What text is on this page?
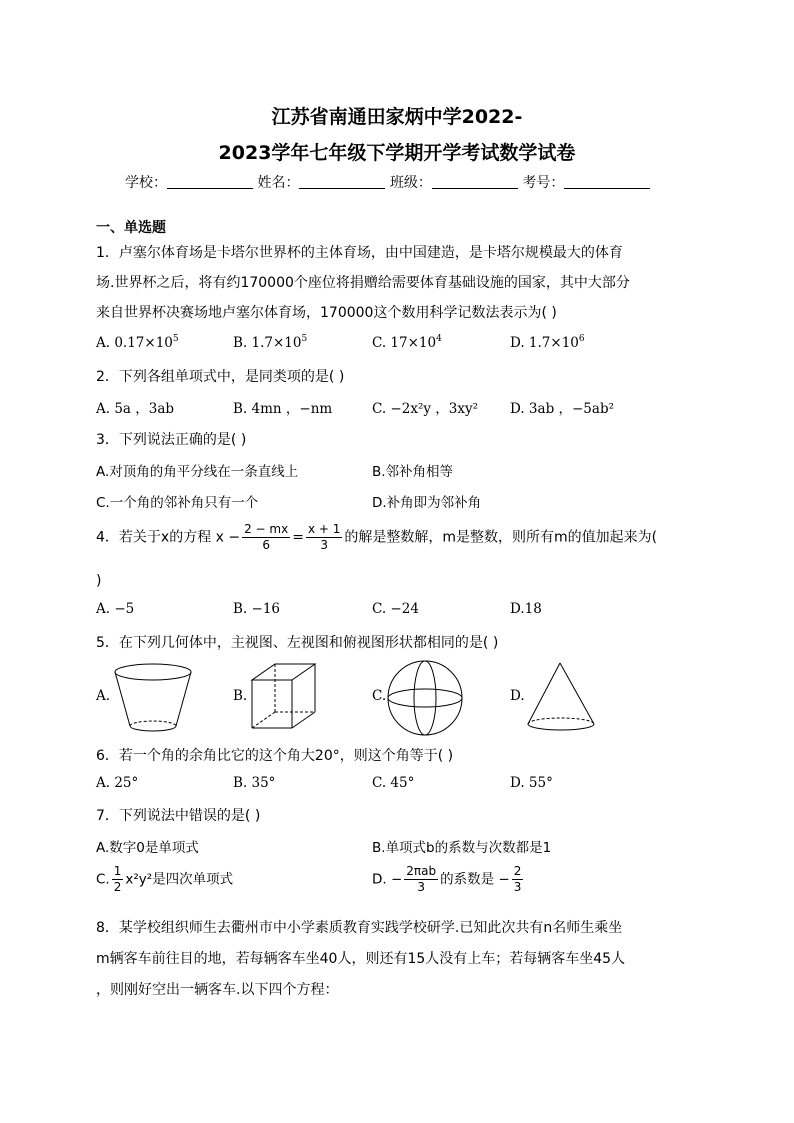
江苏省南通田家炳中学2022-
2023学年七年级下学期开学考试数学试卷
学校：	姓名：	班级：	考号：
一、单选题
1．卢塞尔体育场是卡塔尔世界杯的主体育场，由中国建造，是卡塔尔规模最大的体育
场.世界杯之后，将有约170000个座位将捐赠给需要体育基础设施的国家，其中大部分
来自世界杯决赛场地卢塞尔体育场，170000这个数用科学记数法表示为( )
A. $0.17\times 10^5$	B. $1.7\times 10^5$	C. $17\times 10^4$	D. $1.7\times 10^6$
2．下列各组单项式中，是同类项的是( )
A. 5a ，3ab	B. 4mn ，−nm	C. −2x²y ，3xy² D. 3ab ，−5ab²
3．下列说法正确的是( )
A.对顶角的角平分线在一条直线上	B.邻补角相等
C.一个角的邻补角只有一个	D.补角即为邻补角
4．若关于x的方程 $x - \frac{2 - mx}{6} = \frac{x + 1}{3}$ 的解是整数解，m是整数，则所有m的值加起来为(
)
A. −5	B. −16	C. −24	D.18
5．在下列几何体中，主视图、左视图和俯视图形状都相同的是( )
A.	B.	C.	D.
6．若一个角的余角比它的这个角大20°，则这个角等于( )
A. 25°	B. 35°	C. 45°	D. 55°
7．下列说法中错误的是( )
A.数字0是单项式	B.单项式b的系数与次数都是1
C. $\frac{1}{2} x^2y^2$是四次单项式	D. − $\frac{\text{2πab}}{3}$ 的系数是 − $\frac{2}{3}$
8．某学校组织师生去衢州市中小学素质教育实践学校研学.已知此次共有n名师生乘坐
m辆客车前往目的地，若每辆客车坐40人，则还有15人没有上车；若每辆客车坐45人
，则刚好空出一辆客车.以下四个方程：
